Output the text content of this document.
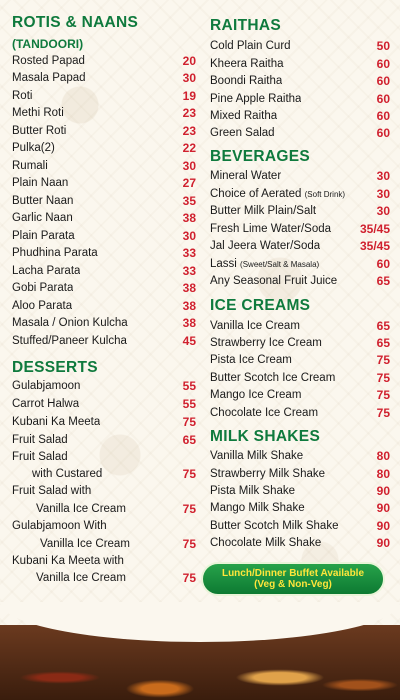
ROTIS & NAANS
(TANDOORI)
Rosted Papad	20
Masala Papad	30
Roti	19
Methi Roti	23
Butter Roti	23
Pulka(2)	22
Rumali	30
Plain Naan	27
Butter Naan	35
Garlic Naan	38
Plain Parata	30
Phudhina Parata	33
Lacha Parata	33
Gobi Parata	38
Aloo Parata	38
Masala / Onion Kulcha	38
Stuffed/Paneer Kulcha	45
DESSERTS
Gulabjamoon	55
Carrot Halwa	55
Kubani Ka Meeta	75
Fruit Salad	65
Fruit Salad
with Custared	75
Fruit Salad with
Vanilla Ice Cream	75
Gulabjamoon With
Vanilla Ice Cream	75
Kubani Ka Meeta with
Vanilla Ice Cream	75
RAITHAS
Cold Plain Curd	50
Kheera Raitha	60
Boondi Raitha	60
Pine Apple Raitha	60
Mixed Raitha	60
Green Salad	60
BEVERAGES
Mineral Water	30
Choice of Aerated (Soft Drink)	30
Butter Milk Plain/Salt	30
Fresh Lime Water/Soda 35/45
Jal Jeera Water/Soda	35/45
Lassi (Sweet/Salt & Masala)	60
Any Seasonal Fruit Juice	65
ICE CREAMS
Vanilla Ice Cream	65
Strawberry Ice Cream	65
Pista Ice Cream	75
Butter Scotch Ice Cream	75
Mango Ice Cream	75
Chocolate Ice Cream	75
MILK SHAKES
Vanilla Milk Shake	80
Strawberry Milk Shake	80
Pista Milk Shake	90
Mango Milk Shake	90
Butter Scotch Milk Shake	90
Chocolate Milk Shake	90
Lunch/Dinner Buffet Available
(Veg & Non-Veg)
